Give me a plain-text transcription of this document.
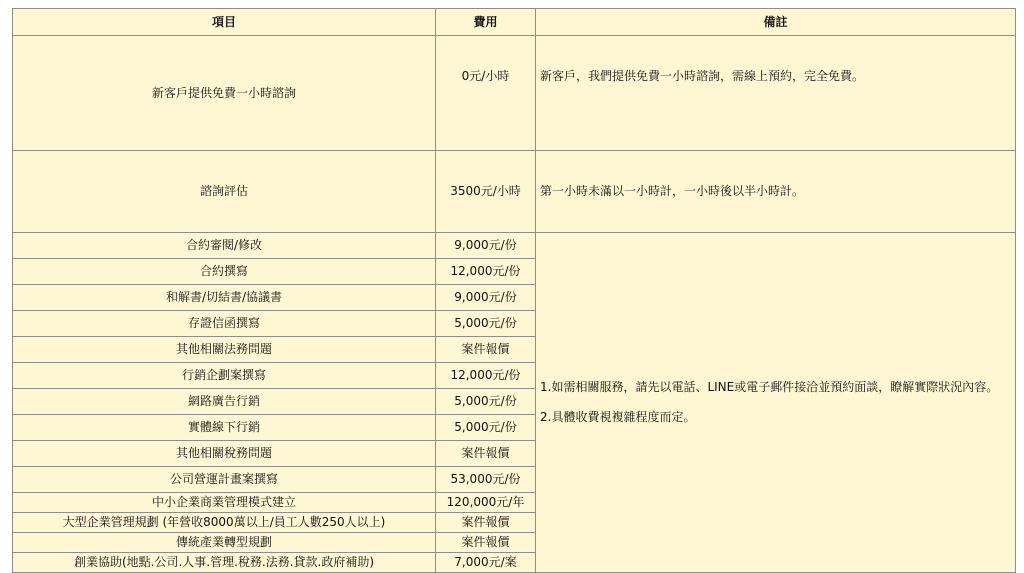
項目	費用	備註
新客戶提供免費一小時諮詢	0元/小時	新客戶，我們提供免費一小時諮詢，需線上預約，完全免費。
諮詢評估	3500元/小時	第一小時未滿以一小時計，一小時後以半小時計。
合約審閱/修改	9,000元/份	1.如需相關服務，請先以電話、LINE或電子郵件接洽並預約面談，瞭解實際狀況內容。

2.具體收費視複雜程度而定。

合約撰寫	12,000元/份	
和解書/切結書/協議書	9,000元/份	
存證信函撰寫	5,000元/份	
其他相關法務問題	案件報價	
行銷企劃案撰寫	12,000元/份	
網路廣告行銷	5,000元/份	
實體線下行銷	5,000元/份	
其他相關稅務問題	案件報價	
公司營運計畫案撰寫	53,000元/份	
中小企業商業管理模式建立	120,000元/年	
大型企業管理規劃 (年營收8000萬以上/員工人數250人以上)	案件報價	
傳統產業轉型規劃	案件報價	
創業協助(地點.公司.人事.管理.稅務.法務.貸款.政府補助)	7,000元/案	
